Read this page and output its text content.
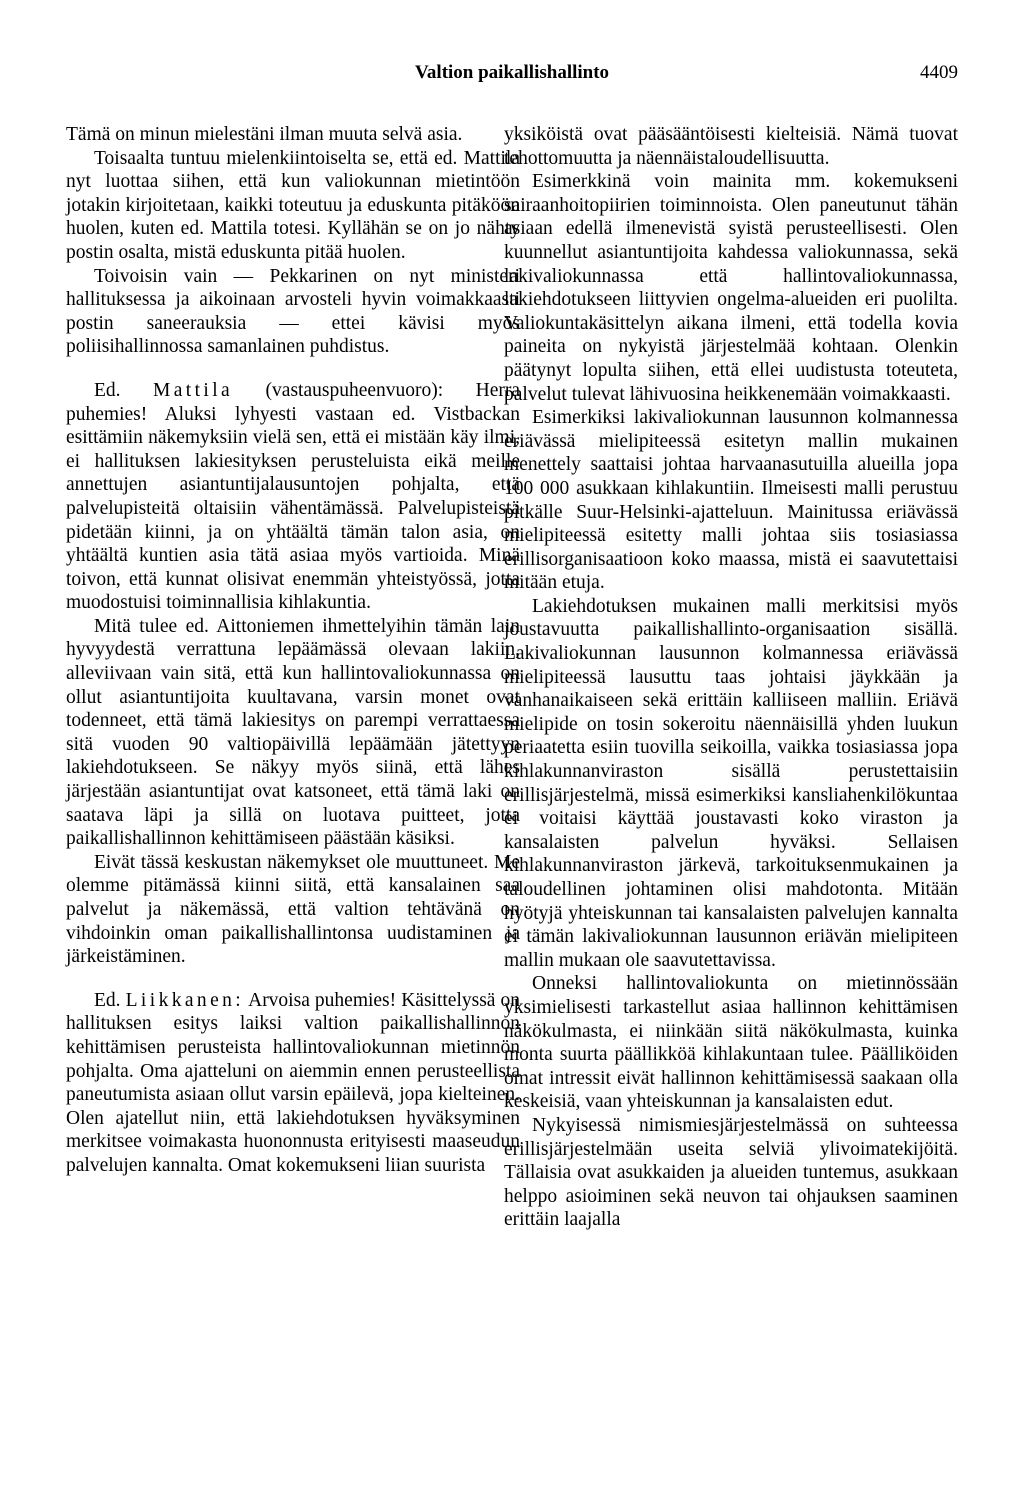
Valtion paikallishallinto	4409

Tämä on minun mielestäni ilman muuta selvä asia.

Toisaalta tuntuu mielenkiintoiselta se, että ed. Mattila nyt luottaa siihen, että kun valiokunnan mietintöön jotakin kirjoitetaan, kaikki toteutuu ja eduskunta pitäköön huolen, kuten ed. Mattila totesi. Kyllähän se on jo nähty postin osalta, mistä eduskunta pitää huolen.

Toivoisin vain — Pekkarinen on nyt ministeri hallituksessa ja aikoinaan arvosteli hyvin voimakkaasti postin saneerauksia — ettei kävisi myös poliisihallinnossa samanlainen puhdistus.

Ed. Mattila (vastauspuheenvuoro): Herra puhemies! Aluksi lyhyesti vastaan ed. Vistbackan esittämiin näkemyksiin vielä sen, että ei mistään käy ilmi, ei hallituksen lakiesityksen perusteluista eikä meille annettujen asiantuntijalausuntojen pohjalta, että palvelupisteitä oltaisiin vähentämässä. Palvelupisteistä pidetään kiinni, ja on yhtäältä tämän talon asia, on yhtäältä kuntien asia tätä asiaa myös vartioida. Minä toivon, että kunnat olisivat enemmän yhteistyössä, jotta muodostuisi toiminnallisia kihlakuntia.

Mitä tulee ed. Aittoniemen ihmettelyihin tämän lain hyvyydestä verrattuna lepäämässä olevaan lakiin, alleviivaan vain sitä, että kun hallintovaliokunnassa on ollut asiantuntijoita kuultavana, varsin monet ovat todenneet, että tämä lakiesitys on parempi verrattaessa sitä vuoden 90 valtiopäivillä lepäämään jätettyyn lakiehdotukseen. Se näkyy myös siinä, että lähes järjestään asiantuntijat ovat katsoneet, että tämä laki on saatava läpi ja sillä on luotava puitteet, jotta paikallishallinnon kehittämiseen päästään käsiksi.

Eivät tässä keskustan näkemykset ole muuttuneet. Me olemme pitämässä kiinni siitä, että kansalainen saa palvelut ja näkemässä, että valtion tehtävänä on vihdoinkin oman paikallishallintonsa uudistaminen ja järkeistäminen.

Ed. Liikkanen: Arvoisa puhemies! Käsittelyssä on hallituksen esitys laiksi valtion paikallishallinnon kehittämisen perusteista hallintovaliokunnan mietinnön pohjalta. Oma ajatteluni on aiemmin ennen perusteellista paneutumista asiaan ollut varsin epäilevä, jopa kielteinen. Olen ajatellut niin, että lakiehdotuksen hyväksyminen merkitsee voimakasta huononnusta erityisesti maaseudun palvelujen kannalta. Omat kokemukseni liian suurista

yksiköistä ovat pääsääntöisesti kielteisiä. Nämä tuovat tehottomuutta ja näennäistaloudellisuutta.

Esimerkkinä voin mainita mm. kokemukseni sairaanhoitopiirien toiminnoista. Olen paneutunut tähän asiaan edellä ilmenevistä syistä perusteellisesti. Olen kuunnellut asiantuntijoita kahdessa valiokunnassa, sekä lakivaliokunnassa että hallintovaliokunnassa, lakiehdotukseen liittyvien ongelma-alueiden eri puolilta. Valiokuntakäsittelyn aikana ilmeni, että todella kovia paineita on nykyistä järjestelmää kohtaan. Olenkin päätynyt lopulta siihen, että ellei uudistusta toteuteta, palvelut tulevat lähivuosina heikkenemään voimakkaasti.

Esimerkiksi lakivaliokunnan lausunnon kolmannessa eriävässä mielipiteessä esitetyn mallin mukainen menettely saattaisi johtaa harvaanasutuilla alueilla jopa 100 000 asukkaan kihlakuntiin. Ilmeisesti malli perustuu pitkälle Suur-Helsinki-ajatteluun. Mainitussa eriävässä mielipiteessä esitetty malli johtaa siis tosiasiassa erillisorganisaatioon koko maassa, mistä ei saavutettaisi mitään etuja.

Lakiehdotuksen mukainen malli merkitsisi myös joustavuutta paikallishallinto-organisaation sisällä. Lakivaliokunnan lausunnon kolmannessa eriävässä mielipiteessä lausuttu taas johtaisi jäykkään ja vanhanaikaiseen sekä erittäin kalliiseen malliin. Eriävä mielipide on tosin sokeroitu näennäisillä yhden luukun periaatetta esiin tuovilla seikoilla, vaikka tosiasiassa jopa kihlakunnanviraston sisällä perustettaisiin erillisjärjestelmä, missä esimerkiksi kansliahenkilökuntaa ei voitaisi käyttää joustavasti koko viraston ja kansalaisten palvelun hyväksi. Sellaisen kihlakunnanviraston järkevä, tarkoituksenmukainen ja taloudellinen johtaminen olisi mahdotonta. Mitään hyötyjä yhteiskunnan tai kansalaisten palvelujen kannalta ei tämän lakivaliokunnan lausunnon eriävän mielipiteen mallin mukaan ole saavutettavissa.

Onneksi hallintovaliokunta on mietinnössään yksimielisesti tarkastellut asiaa hallinnon kehittämisen näkökulmasta, ei niinkään siitä näkökulmasta, kuinka monta suurta päällikköä kihlakuntaan tulee. Päälliköiden omat intressit eivät hallinnon kehittämisessä saakaan olla keskeisiä, vaan yhteiskunnan ja kansalaisten edut.

Nykyisessä nimismiesjärjestelmässä on suhteessa erillisjärjestelmään useita selviä ylivoimatekijöitä. Tällaisia ovat asukkaiden ja alueiden tuntemus, asukkaan helppo asioiminen sekä neuvon tai ohjauksen saaminen erittäin laajalla
